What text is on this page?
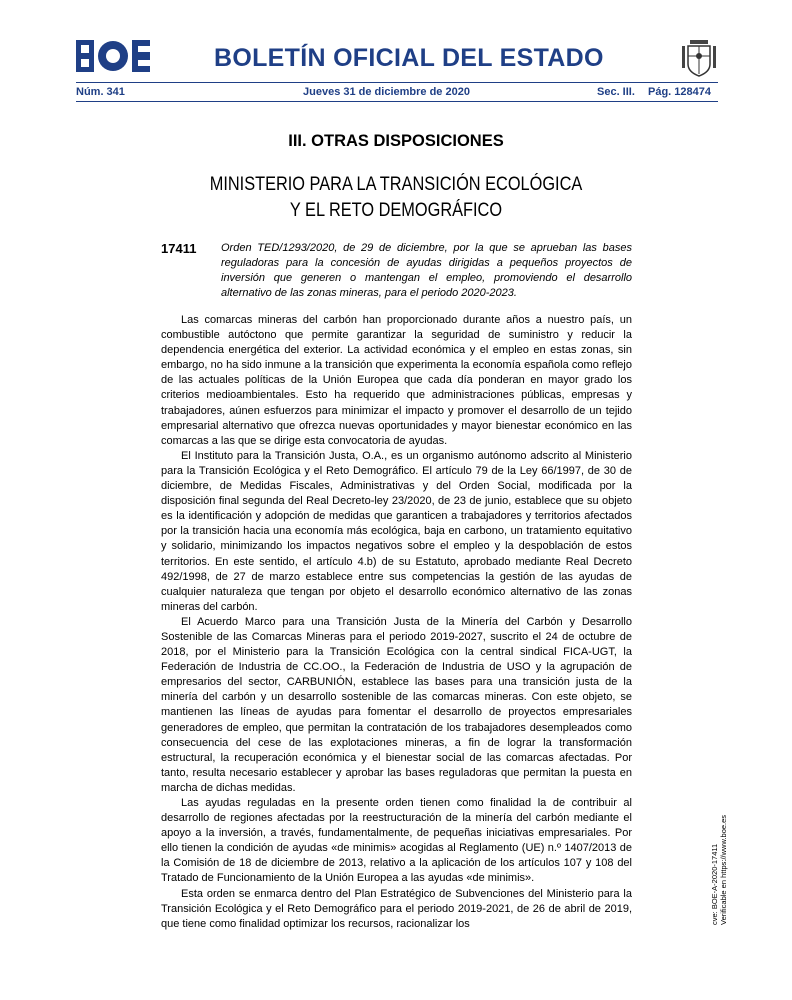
BOLETÍN OFICIAL DEL ESTADO
Núm. 341	Jueves 31 de diciembre de 2020	Sec. III. Pág. 128474
III. OTRAS DISPOSICIONES
MINISTERIO PARA LA TRANSICIÓN ECOLÓGICA
Y EL RETO DEMOGRÁFICO
17411 Orden TED/1293/2020, de 29 de diciembre, por la que se aprueban las bases reguladoras para la concesión de ayudas dirigidas a pequeños proyectos de inversión que generen o mantengan el empleo, promoviendo el desarrollo alternativo de las zonas mineras, para el periodo 2020-2023.

Las comarcas mineras del carbón han proporcionado durante años a nuestro país, un combustible autóctono que permite garantizar la seguridad de suministro y reducir la dependencia energética del exterior. La actividad económica y el empleo en estas zonas, sin embargo, no ha sido inmune a la transición que experimenta la economía española como reflejo de las actuales políticas de la Unión Europea que cada día ponderan en mayor grado los criterios medioambientales. Esto ha requerido que administraciones públicas, empresas y trabajadores, aúnen esfuerzos para minimizar el impacto y promover el desarrollo de un tejido empresarial alternativo que ofrezca nuevas oportunidades y mayor bienestar económico en las comarcas a las que se dirige esta convocatoria de ayudas.

El Instituto para la Transición Justa, O.A., es un organismo autónomo adscrito al Ministerio para la Transición Ecológica y el Reto Demográfico. El artículo 79 de la Ley 66/1997, de 30 de diciembre, de Medidas Fiscales, Administrativas y del Orden Social, modificada por la disposición final segunda del Real Decreto-ley 23/2020, de 23 de junio, establece que su objeto es la identificación y adopción de medidas que garanticen a trabajadores y territorios afectados por la transición hacia una economía más ecológica, baja en carbono, un tratamiento equitativo y solidario, minimizando los impactos negativos sobre el empleo y la despoblación de estos territorios. En este sentido, el artículo 4.b) de su Estatuto, aprobado mediante Real Decreto 492/1998, de 27 de marzo establece entre sus competencias la gestión de las ayudas de cualquier naturaleza que tengan por objeto el desarrollo económico alternativo de las zonas mineras del carbón.

El Acuerdo Marco para una Transición Justa de la Minería del Carbón y Desarrollo Sostenible de las Comarcas Mineras para el periodo 2019-2027, suscrito el 24 de octubre de 2018, por el Ministerio para la Transición Ecológica con la central sindical FICA-UGT, la Federación de Industria de CC.OO., la Federación de Industria de USO y la agrupación de empresarios del sector, CARBUNIÓN, establece las bases para una transición justa de la minería del carbón y un desarrollo sostenible de las comarcas mineras. Con este objeto, se mantienen las líneas de ayudas para fomentar el desarrollo de proyectos empresariales generadores de empleo, que permitan la contratación de los trabajadores desempleados como consecuencia del cese de las explotaciones mineras, a fin de lograr la transformación estructural, la recuperación económica y el bienestar social de las comarcas afectadas. Por tanto, resulta necesario establecer y aprobar las bases reguladoras que permitan la puesta en marcha de dichas medidas.

Las ayudas reguladas en la presente orden tienen como finalidad la de contribuir al desarrollo de regiones afectadas por la reestructuración de la minería del carbón mediante el apoyo a la inversión, a través, fundamentalmente, de pequeñas iniciativas empresariales. Por ello tienen la condición de ayudas «de minimis» acogidas al Reglamento (UE) n.º 1407/2013 de la Comisión de 18 de diciembre de 2013, relativo a la aplicación de los artículos 107 y 108 del Tratado de Funcionamiento de la Unión Europea a las ayudas «de minimis».

Esta orden se enmarca dentro del Plan Estratégico de Subvenciones del Ministerio para la Transición Ecológica y el Reto Demográfico para el periodo 2019-2021, de 26 de abril de 2019, que tiene como finalidad optimizar los recursos, racionalizar los	cve: BOE-A-2020-17411 Verificable en https://www.boe.es
